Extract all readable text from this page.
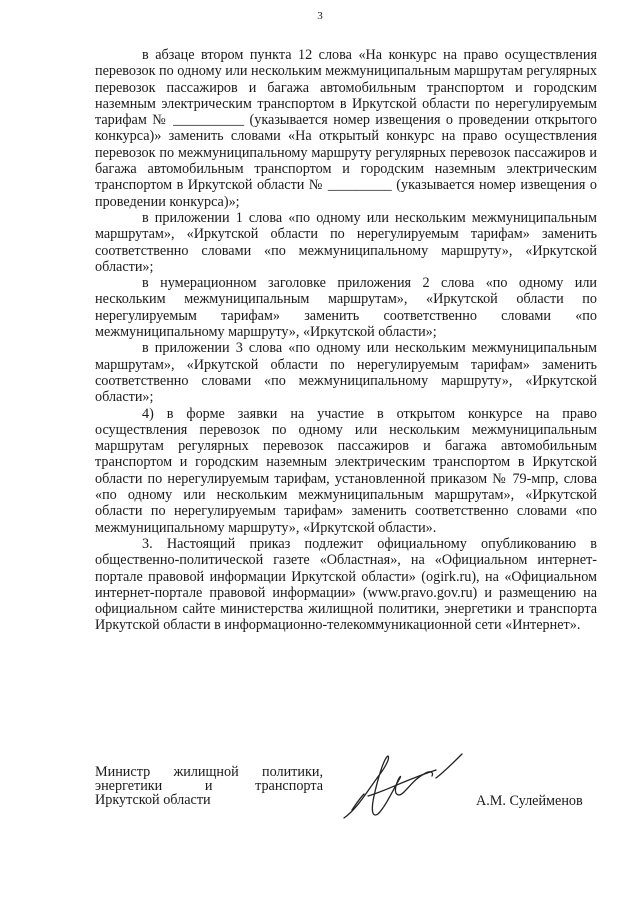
3

в абзаце втором пункта 12 слова «На конкурс на право осуществления перевозок по одному или нескольким межмуниципальным маршрутам регулярных перевозок пассажиров и багажа автомобильным транспортом и городским наземным электрическим транспортом в Иркутской области по нерегулируемым тарифам № __________ (указывается номер извещения о проведении открытого конкурса)» заменить словами «На открытый конкурс на право осуществления перевозок по межмуниципальному маршруту регулярных перевозок пассажиров и багажа автомобильным транспортом и городским наземным электрическим транспортом в Иркутской области № _________ (указывается номер извещения о проведении конкурса)»;

в приложении 1 слова «по одному или нескольким межмуниципальным маршрутам», «Иркутской области по нерегулируемым тарифам» заменить соответственно словами «по межмуниципальному маршруту», «Иркутской области»;

в нумерационном заголовке приложения 2 слова «по одному или нескольким межмуниципальным маршрутам», «Иркутской области по нерегулируемым тарифам» заменить соответственно словами «по межмуниципальному маршруту», «Иркутской области»;

в приложении 3 слова «по одному или нескольким межмуниципальным маршрутам», «Иркутской области по нерегулируемым тарифам» заменить соответственно словами «по межмуниципальному маршруту», «Иркутской области»;

4) в форме заявки на участие в открытом конкурсе на право осуществления перевозок по одному или нескольким межмуниципальным маршрутам регулярных перевозок пассажиров и багажа автомобильным транспортом и городским наземным электрическим транспортом в Иркутской области по нерегулируемым тарифам, установленной приказом № 79-мпр, слова «по одному или нескольким межмуниципальным маршрутам», «Иркутской области по нерегулируемым тарифам» заменить соответственно словами «по межмуниципальному маршруту», «Иркутской области».

3. Настоящий приказ подлежит официальному опубликованию в общественно-политической газете «Областная», на «Официальном интернет-портале правовой информации Иркутской области» (ogirk.ru), на «Официальном интернет-портале правовой информации» (www.pravo.gov.ru) и размещению на официальном сайте министерства жилищной политики, энергетики и транспорта Иркутской области в информационно-телекоммуникационной сети «Интернет».

Министр жилищной политики,
энергетики и транспорта
Иркутской области	А.М. Сулейменов
